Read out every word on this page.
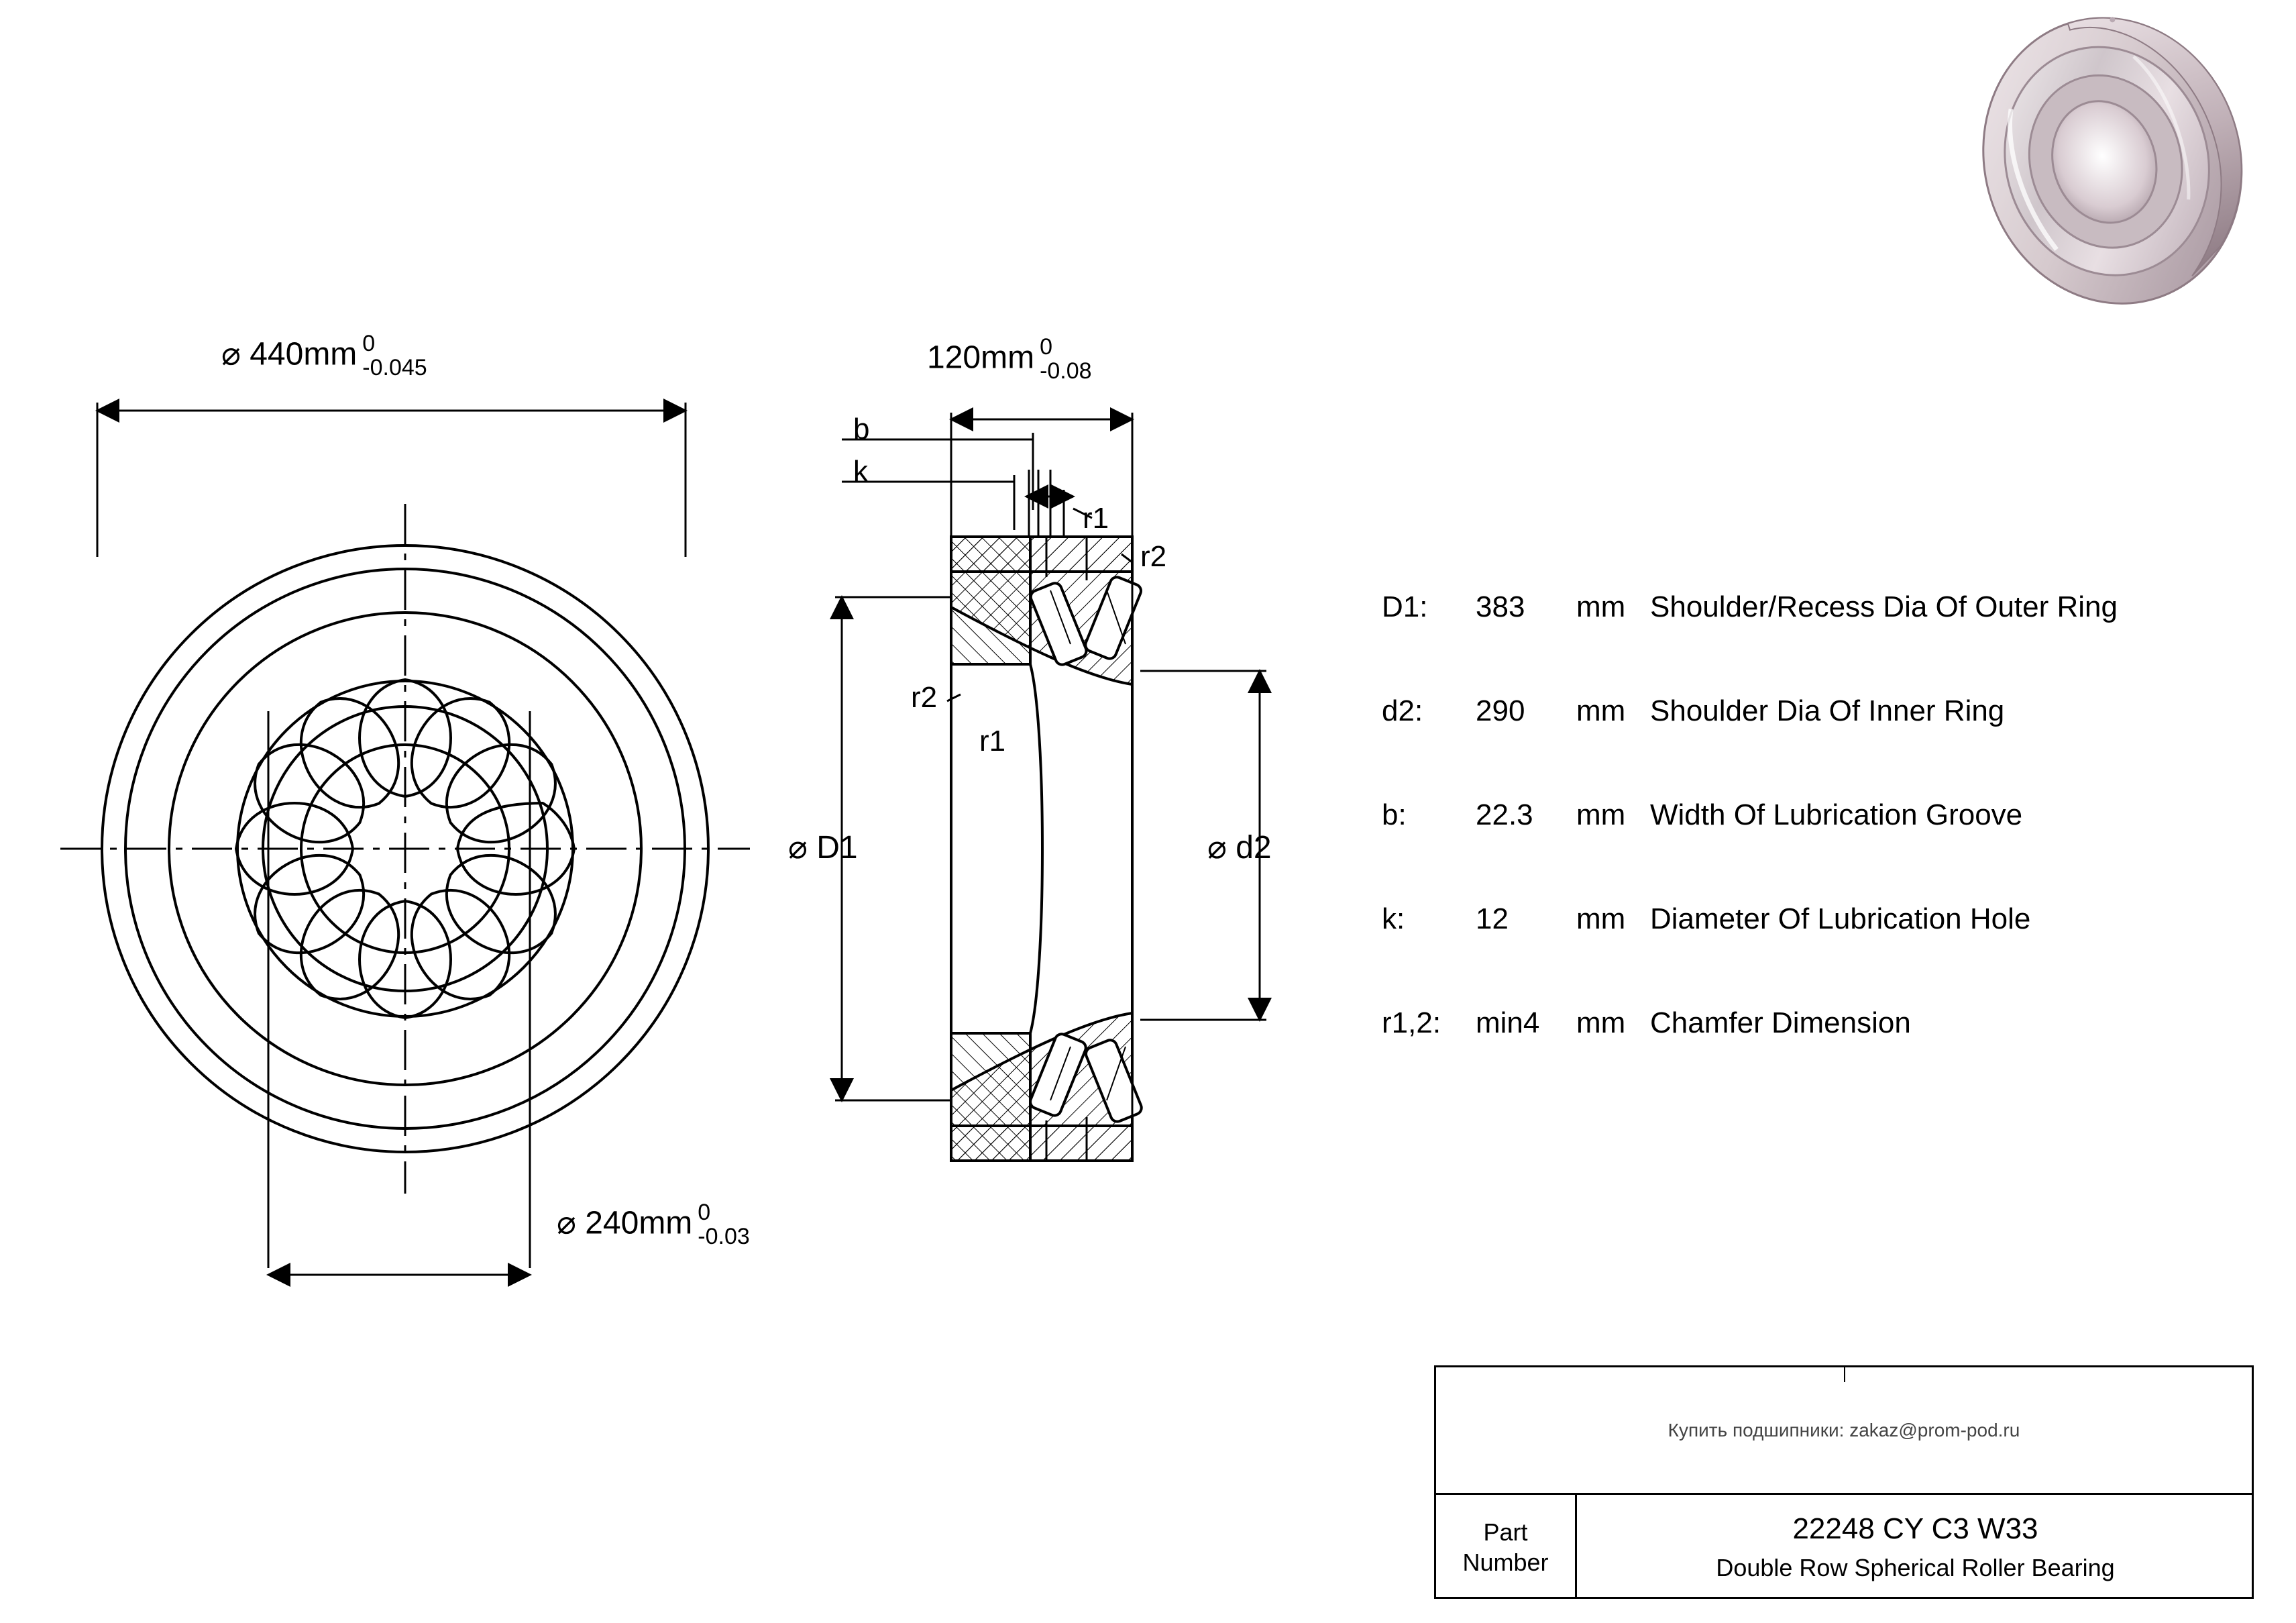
⌀ 440mm 0
-0.045
⌀ 240mm 0
-0.03
120mm 0
-0.08
b
k
r1
r2
r2
r1
⌀ D1	⌀ d2
D1:	383	mm Shoulder/Recess Dia Of Outer Ring
d2:	290	mm Shoulder Dia Of Inner Ring
b:	22.3	mm Width Of Lubrication Groove
k:	12	mm Diameter Of Lubrication Hole
r1,2:	min4	mm Chamfer Dimension
Купить подшипники: zakaz@prom-pod.ru
Part
Number
22248 CY C3 W33
Double Row Spherical Roller Bearing
